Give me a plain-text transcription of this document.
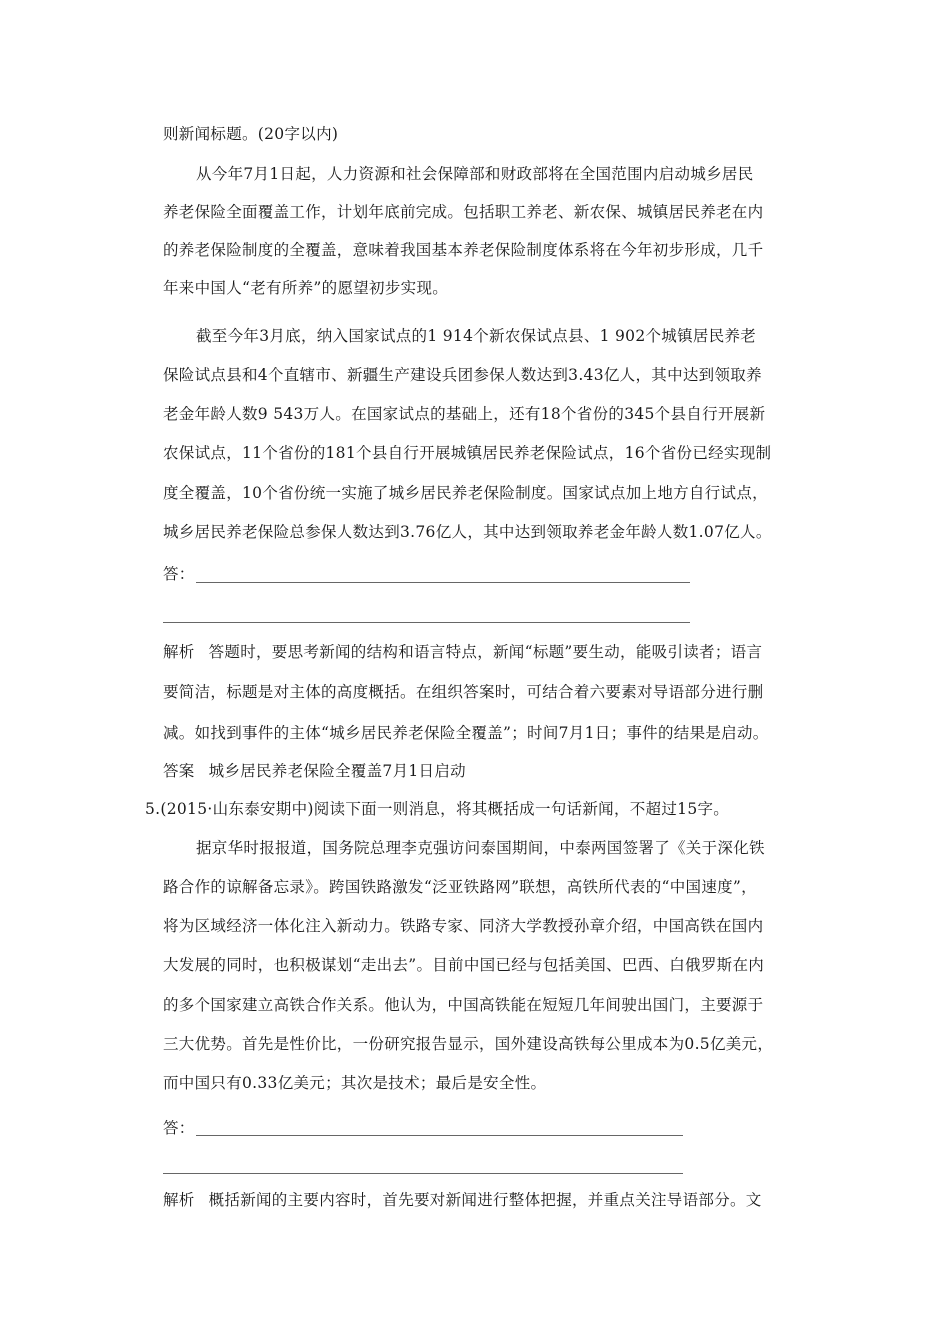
则新闻标题。(20字以内)
从今年7月1日起，人力资源和社会保障部和财政部将在全国范围内启动城乡居民
养老保险全面覆盖工作，计划年底前完成。包括职工养老、新农保、城镇居民养老在内
的养老保险制度的全覆盖，意味着我国基本养老保险制度体系将在今年初步形成，几千
年来中国人“老有所养”的愿望初步实现。
截至今年3月底，纳入国家试点的1 914个新农保试点县、1 902个城镇居民养老
保险试点县和4个直辖市、新疆生产建设兵团参保人数达到3.43亿人，其中达到领取养
老金年龄人数9 543万人。在国家试点的基础上，还有18个省份的345个县自行开展新
农保试点，11个省份的181个县自行开展城镇居民养老保险试点，16个省份已经实现制
度全覆盖，10个省份统一实施了城乡居民养老保险制度。国家试点加上地方自行试点，
城乡居民养老保险总参保人数达到3.76亿人，其中达到领取养老金年龄人数1.07亿人。
答：
解析 答题时，要思考新闻的结构和语言特点，新闻“标题”要生动，能吸引读者；语言
要简洁，标题是对主体的高度概括。在组织答案时，可结合着六要素对导语部分进行删
减。如找到事件的主体“城乡居民养老保险全覆盖”；时间7月1日；事件的结果是启动。
答案 城乡居民养老保险全覆盖7月1日启动
5.(2015·山东泰安期中)阅读下面一则消息，将其概括成一句话新闻，不超过15字。
据京华时报报道，国务院总理李克强访问泰国期间，中泰两国签署了《关于深化铁
路合作的谅解备忘录》。跨国铁路激发“泛亚铁路网”联想，高铁所代表的“中国速度”，
将为区域经济一体化注入新动力。铁路专家、同济大学教授孙章介绍，中国高铁在国内
大发展的同时，也积极谋划“走出去”。目前中国已经与包括美国、巴西、白俄罗斯在内
的多个国家建立高铁合作关系。他认为，中国高铁能在短短几年间驶出国门，主要源于
三大优势。首先是性价比，一份研究报告显示，国外建设高铁每公里成本为0.5亿美元，
而中国只有0.33亿美元；其次是技术；最后是安全性。
答：
解析 概括新闻的主要内容时，首先要对新闻进行整体把握，并重点关注导语部分。文
